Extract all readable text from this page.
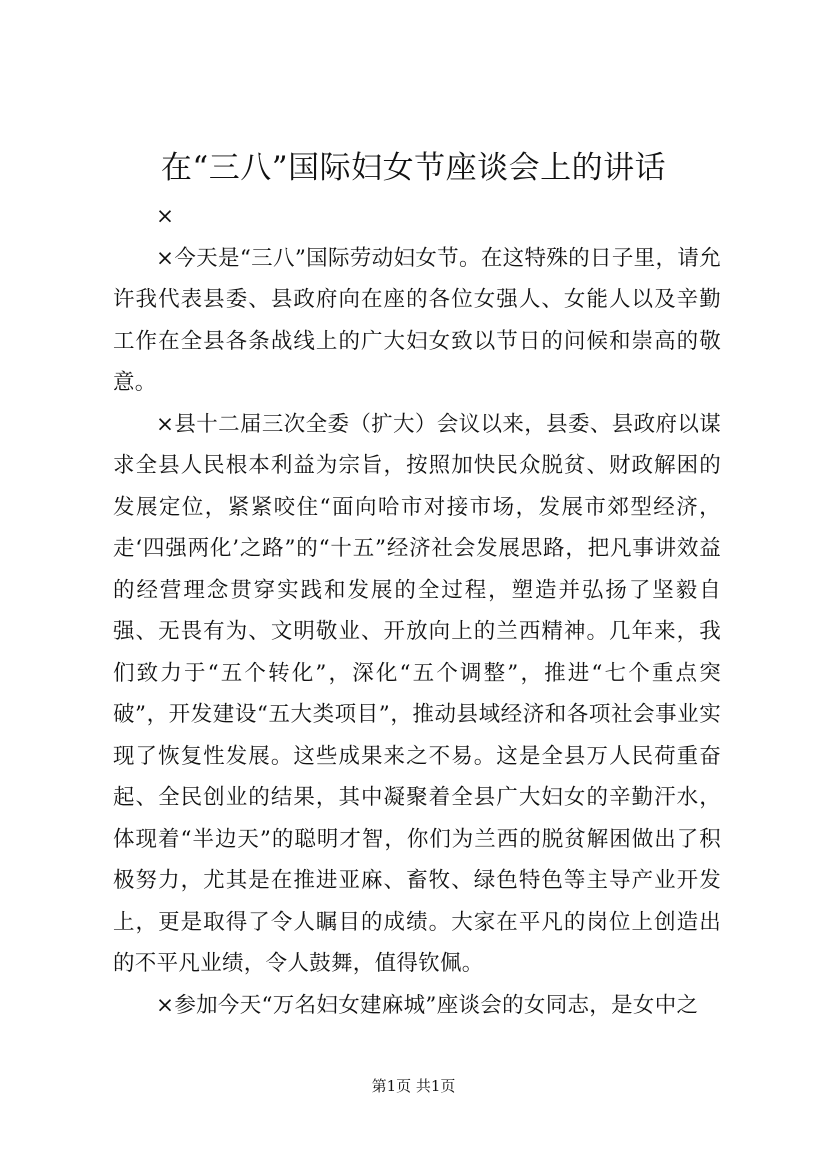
在“三八”国际妇女节座谈会上的讲话

×

×今天是“三八”国际劳动妇女节。在这特殊的日子里，请允许我代表县委、县政府向在座的各位女强人、女能人以及辛勤工作在全县各条战线上的广大妇女致以节日的问候和崇高的敬意。

×县十二届三次全委（扩大）会议以来，县委、县政府以谋求全县人民根本利益为宗旨，按照加快民众脱贫、财政解困的发展定位，紧紧咬住“面向哈市对接市场，发展市郊型经济，走‘四强两化’之路”的“十五”经济社会发展思路，把凡事讲效益的经营理念贯穿实践和发展的全过程，塑造并弘扬了坚毅自强、无畏有为、文明敬业、开放向上的兰西精神。几年来，我们致力于“五个转化”，深化“五个调整”，推进“七个重点突破”，开发建设“五大类项目”，推动县域经济和各项社会事业实现了恢复性发展。这些成果来之不易。这是全县万人民荷重奋起、全民创业的结果，其中凝聚着全县广大妇女的辛勤汗水，体现着“半边天”的聪明才智，你们为兰西的脱贫解困做出了积极努力，尤其是在推进亚麻、畜牧、绿色特色等主导产业开发上，更是取得了令人瞩目的成绩。大家在平凡的岗位上创造出的不平凡业绩，令人鼓舞，值得钦佩。

×参加今天“万名妇女建麻城”座谈会的女同志，是女中之

第1页 共1页
